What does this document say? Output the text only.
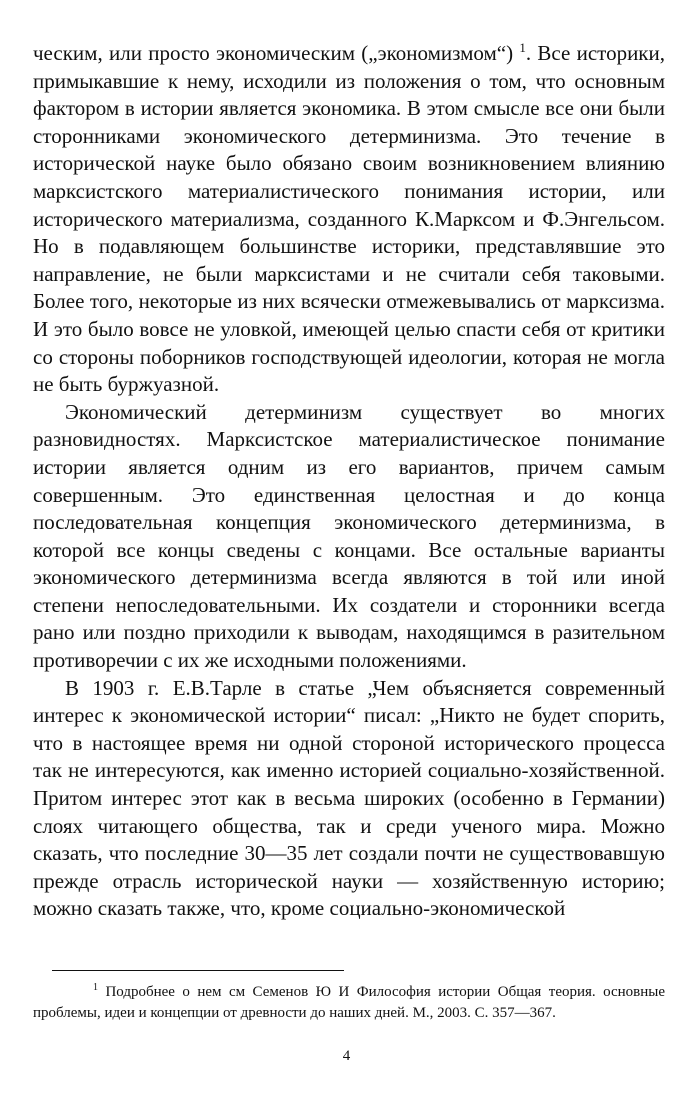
ческим, или просто экономическим („экономизмом“) $^1$. Все историки, примыкавшие к нему, исходили из положения о том, что основным фактором в истории является экономика. В этом смысле все они были сторонниками экономического детерминизма. Это течение в исторической науке было обязано своим возникновением влиянию марксистского материалистического понимания истории, или исторического материализма, созданного К.Марксом и Ф.Энгельсом. Но в подавляющем большинстве историки, представлявшие это направление, не были марксистами и не считали себя таковыми. Более того, некоторые из них всячески отмежевывались от марксизма. И это было вовсе не уловкой, имеющей целью спасти себя от критики со стороны поборников господствующей идеологии, которая не могла не быть буржуазной.

Экономический детерминизм существует во многих разновидностях. Марксистское материалистическое понимание истории является одним из его вариантов, причем самым совершенным. Это единственная целостная и до конца последовательная концепция экономического детерминизма, в которой все концы сведены с концами. Все остальные варианты экономического детерминизма всегда являются в той или иной степени непоследовательными. Их создатели и сторонники всегда рано или поздно приходили к выводам, находящимся в разительном противоречии с их же исходными положениями.

В 1903 г. Е.В.Тарле в статье „Чем объясняется современный интерес к экономической истории“ писал: „Никто не будет спорить, что в настоящее время ни одной стороной исторического процесса так не интересуются, как именно историей социально-хозяйственной. Притом интерес этот как в весьма широких (особенно в Германии) слоях читающего общества, так и среди ученого мира. Можно сказать, что последние 30—35 лет создали почти не существовавшую прежде отрасль исторической науки — хозяйственную историю; можно сказать также, что, кроме социально-экономической

$^1$ Подробнее о нем см Семенов Ю И Философия истории Общая теория. основные проблемы, идеи и концепции от древности до наших дней. М., 2003. С. 357—367.
4
